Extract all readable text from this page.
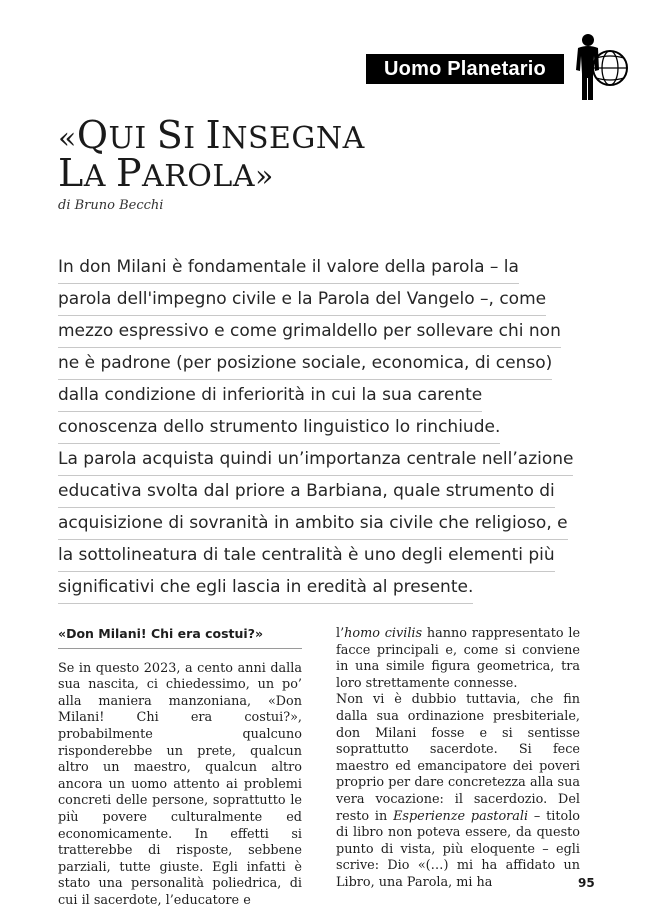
Uomo Planetario
«QUI SI INSEGNA
LA PAROLA»

di Bruno Becchi

In don Milani è fondamentale il valore della parola – la
parola dell'impegno civile e la Parola del Vangelo –, come
mezzo espressivo e come grimaldello per sollevare chi non
ne è padrone (per posizione sociale, economica, di censo)
dalla condizione di inferiorità in cui la sua carente
conoscenza dello strumento linguistico lo rinchiude.
La parola acquista quindi un’importanza centrale nell’azione
educativa svolta dal priore a Barbiana, quale strumento di
acquisizione di sovranità in ambito sia civile che religioso, e
la sottolineatura di tale centralità è uno degli elementi più
significativi che egli lascia in eredità al presente.

«Don Milani! Chi era costui?»

Se in questo 2023, a cento anni dalla sua nascita, ci chiedessimo, un po’ alla maniera manzoniana, «Don Milani! Chi era costui?», probabilmente qualcuno risponderebbe un prete, qualcun altro un maestro, qualcun altro ancora un uomo attento ai problemi concreti delle persone, soprattutto le più povere culturalmente ed economicamente. In effetti si tratterebbe di risposte, sebbene parziali, tutte giuste. Egli infatti è stato una personalità poliedrica, di cui il sacerdote, l’educatore e

l’homo civilis hanno rappresentato le facce principali e, come si conviene in una simile figura geometrica, tra loro strettamente connesse.

Non vi è dubbio tuttavia, che fin dalla sua ordinazione presbiteriale, don Milani fosse e si sentisse soprattutto sacerdote. Si fece maestro ed emancipatore dei poveri proprio per dare concretezza alla sua vera vocazione: il sacerdozio. Del resto in Esperienze pastorali – titolo di libro non poteva essere, da questo punto di vista, più eloquente – egli scrive: Dio «(…) mi ha affidato un Libro, una Parola, mi ha	95
